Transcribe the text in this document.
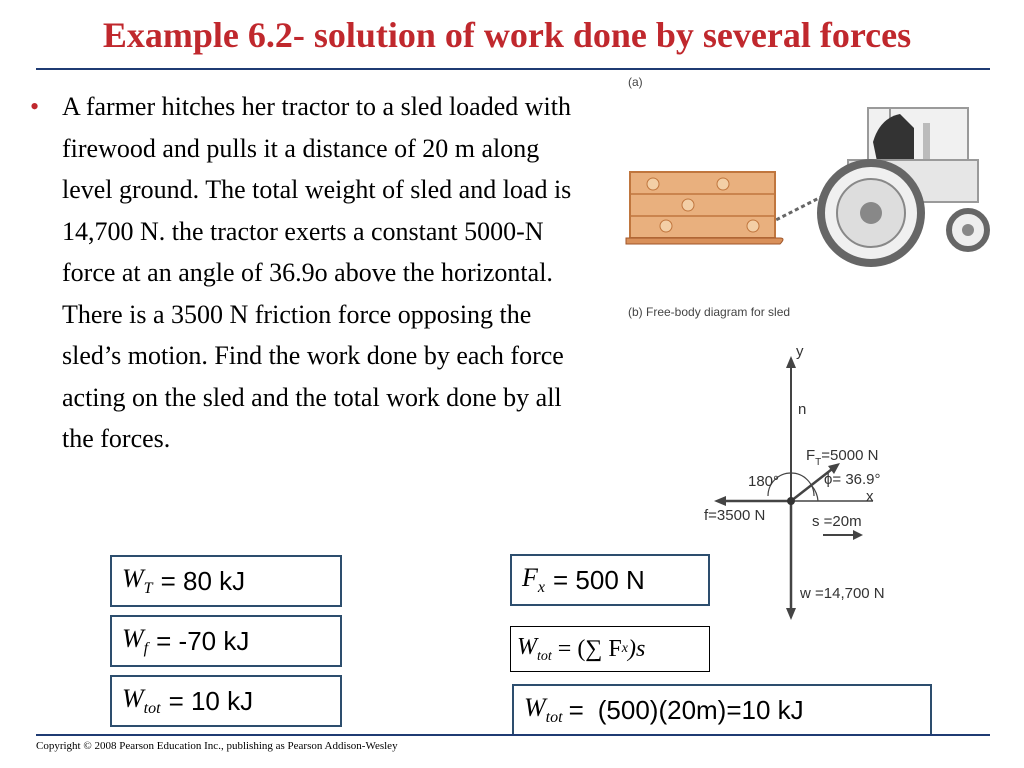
Example 6.2- solution of work done by several forces
• A farmer hitches her tractor to a sled loaded with firewood and pulls it a distance of 20 m along level ground. The total weight of sled and load is 14,700 N. the tractor exerts a constant 5000-N force at an angle of 36.9o above the horizontal. There is a 3500 N friction force opposing the sled’s motion. Find the work done by each force acting on the sled and the total work done by all the forces.
(a)
(b) Free-body diagram for sled
y
n
$F_T=5000$ N
ϕ= 36.9°
180°
x
f=3500 N	s =20m
w =14,700 N
$W_T = 80$ kJ
$W_f = -70$ kJ
$W_{tot} = 10$ kJ
$F_x = 500$ N
$W_{tot}$ = (∑ F x )s⃗
$W_{tot} = (500)(20m)=10$ kJ
Copyright © 2008 Pearson Education Inc., publishing as Pearson Addison-Wesley
